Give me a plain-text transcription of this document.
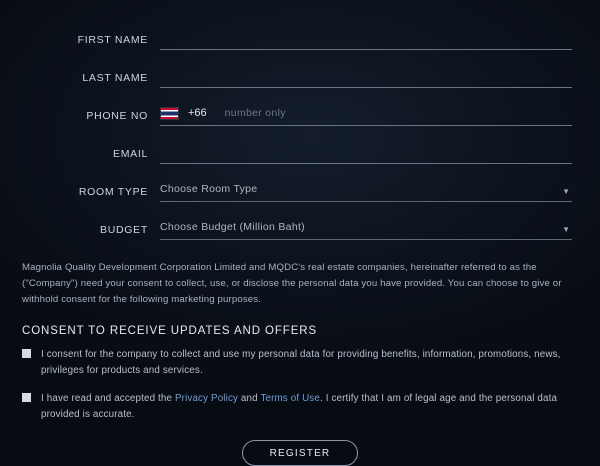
FIRST NAME
LAST NAME
PHONE NO	+66 number only
EMAIL
ROOM TYPE	Choose Room Type	▼
BUDGET	Choose Budget (Million Baht)	▼
Magnolia Quality Development Corporation Limited and MQDC's real estate companies, hereinafter referred to as the ("Company") need your consent to collect, use, or disclose the personal data you have provided. You can choose to give or withhold consent for the following marketing purposes.
CONSENT TO RECEIVE UPDATES AND OFFERS
I consent for the company to collect and use my personal data for providing benefits, information, promotions, news, privileges for products and services.
I have read and accepted the Privacy Policy and Terms of Use. I certify that I am of legal age and the personal data provided is accurate.
REGISTER
